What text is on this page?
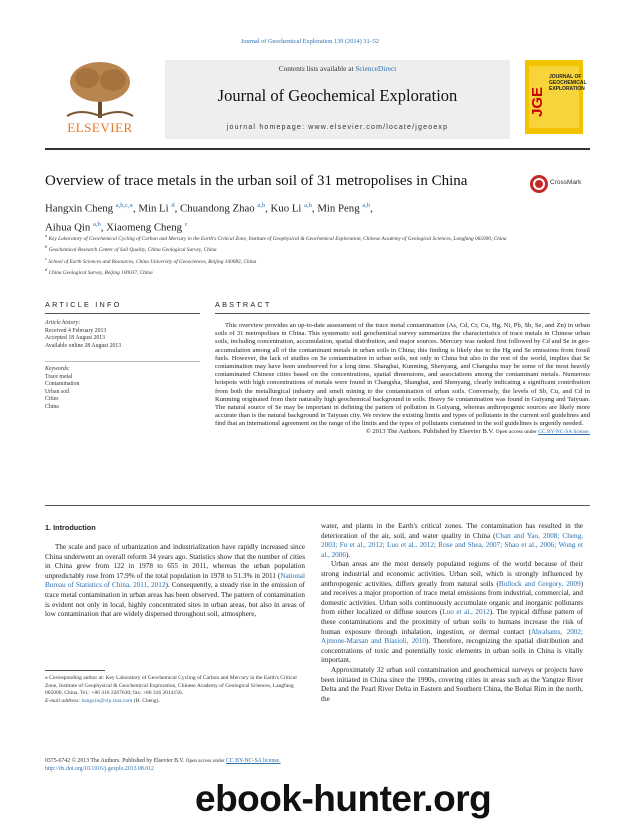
Journal of Geochemical Exploration 139 (2014) 31–52
Contents lists available at ScienceDirect
Journal of Geochemical Exploration
journal homepage: www.elsevier.com/locate/jgeoexp
ELSEVIER
JGE
JOURNAL OF
GEOCHEMICAL
EXPLORATION
Overview of trace metals in the urban soil of 31 metropolises in China	CrossMark
Hangxin Cheng $^{a,b,c,⁎}$, Min Li $^d$, Chuandong Zhao $^{a,b}$, Kuo Li $^{a,b}$, Min Peng $^{a,b}$,
Aihua Qin $^{a,b}$, Xiaomeng Cheng $^c$
$^a$ Key Laboratory of Geochemical Cycling of Carbon and Mercury in the Earth's Critical Zone, Institute of Geophysical & Geochemical Exploration, Chinese Academy of Geological Sciences, Langfang 065000, China
$^b$ Geochemical Research Center of Soil Quality, China Geological Survey, China
$^c$ School of Earth Sciences and Resources, China University of Geosciences, Beijing 100083, China
$^d$ China Geological Survey, Beijing 100037, China
ARTICLE INFO
Article history:
Received 4 February 2013
Accepted 18 August 2013
Available online 28 August 2013
Keywords:
Trace metal
Contamination
Urban soil
Cities
China
ABSTRACT

This overview provides an up-to-date assessment of the trace metal contamination (As, Cd, Cr, Cu, Hg, Ni, Pb, Sb, Se, and Zn) in urban soils of 31 metropolises in China. This systematic soil geochemical survey summarizes the characteristics of trace metals in Chinese urban soils, including concentration, accumulation, spatial distribution, and major sources. Mercury was ranked first followed by Cd and Se in geo-accumulation among all of the contaminant metals in urban soils in China; this finding is likely due to the Hg and Se emissions from fossil fuels. However, the lack of studies on Se contamination in urban soils, not only in China but also in the rest of the world, implies that Se contamination may have been unobserved for a long time. Shanghai, Kunming, Shenyang, and Changsha may be some of the most heavily contaminated Chinese cities based on the concentrations, spatial dimensions, and associations among the contaminant metals. Numerous hotspots with high concentrations of metals were found in Changsha, Shanghai, and Shenyang, clearly indicating a significant contribution from both the metallurgical industry and smelt mining to the contamination of urban soils. Conversely, the levels of Sb, Cu, and Cd in Kunming originated from their naturally high geochemical background in soils. Heavy Se contamination was found in Guiyang and Taiyuan. The natural source of Se may be important in defining the pattern of pollution in Guiyang, whereas anthropogenic sources are likely more accurate than is the natural background in Taiyuan city. We review the existing limits and types of pollutants in the current soil guidelines and find that an international agreement on the range of the limits and the types of pollutants contained in the soil guidelines is urgently needed.

© 2013 The Authors. Published by Elsevier B.V. Open access under CC BY-NC-SA license.

1. Introduction

The scale and pace of urbanization and industrialization have rapidly increased since China underwent an overall reform 34 years ago. Statistics show that the number of cities in China grew from 122 in 1978 to 655 in 2011, whereas the urban population unpredictably rose from 17.9% of the total population in 1978 to 51.3% in 2011 (National Bureau of Statistics of China, 2011, 2012). Consequently, a steady rise in the emission of trace metal contamination in urban areas has been observed. The pattern of contamination is evident not only in local, highly concentrated sites in urban areas, but also in areas of low contamination that are widely dispersed throughout soil, atmosphere,

water, and plants in the Earth's critical zones. The contamination has resulted in the deterioration of the air, soil, and water quality in China (Chan and Yao, 2008; Cheng, 2003; Fu et al., 2012; Luo et al., 2012; Rose and Shea, 2007; Shao et al., 2006; Wong et al., 2006).

Urban areas are the most densely populated regions of the world because of their strong industrial and economic activities. Urban soil, which is strongly influenced by anthropogenic activities, differs greatly from natural soils (Bullock and Gregory, 2009) and receives a major proportion of trace metal emissions from industrial, commercial, and domestic activities. Urban soils continuously accumulate organic and inorganic pollutants from either localized or diffuse sources (Luo et al., 2012). The typical diffuse pattern of these contaminations and the proximity of urban soils to humans increase the risk of human exposure through inhalation, ingestion, or dermal contact (Abrahams, 2002; Ajmone-Marsan and Biasioli, 2010). Therefore, recognizing the spatial distribution and concentrations of toxic and potentially toxic elements in urban soils in China is vitally important.

Approximately 32 urban soil contamination and geochemical surveys or projects have been initiated in China since the 1990s, covering cities in areas such as the Yangtze River Delta and the Pearl River Delta in Eastern and Southern China, the Bohai Rim in the north, the

⁎ Corresponding author at: Key Laboratory of Geochemical Cycling of Carbon and Mercury in the Earth's Critical Zone, Institute of Geophysical & Geochemical Exploration, Chinese Academy of Geological Sciences, Langfang 065000, China. Tel.: +86 316 2267630; fax: +86 316 2014156.

E-mail address: hangxin@vip.sina.com (H. Cheng).

0375-6742 © 2013 The Authors. Published by Elsevier B.V. Open access under CC BY-NC-SA license.
http://dx.doi.org/10.1016/j.gexplo.2013.08.012
ebook-hunter.org
